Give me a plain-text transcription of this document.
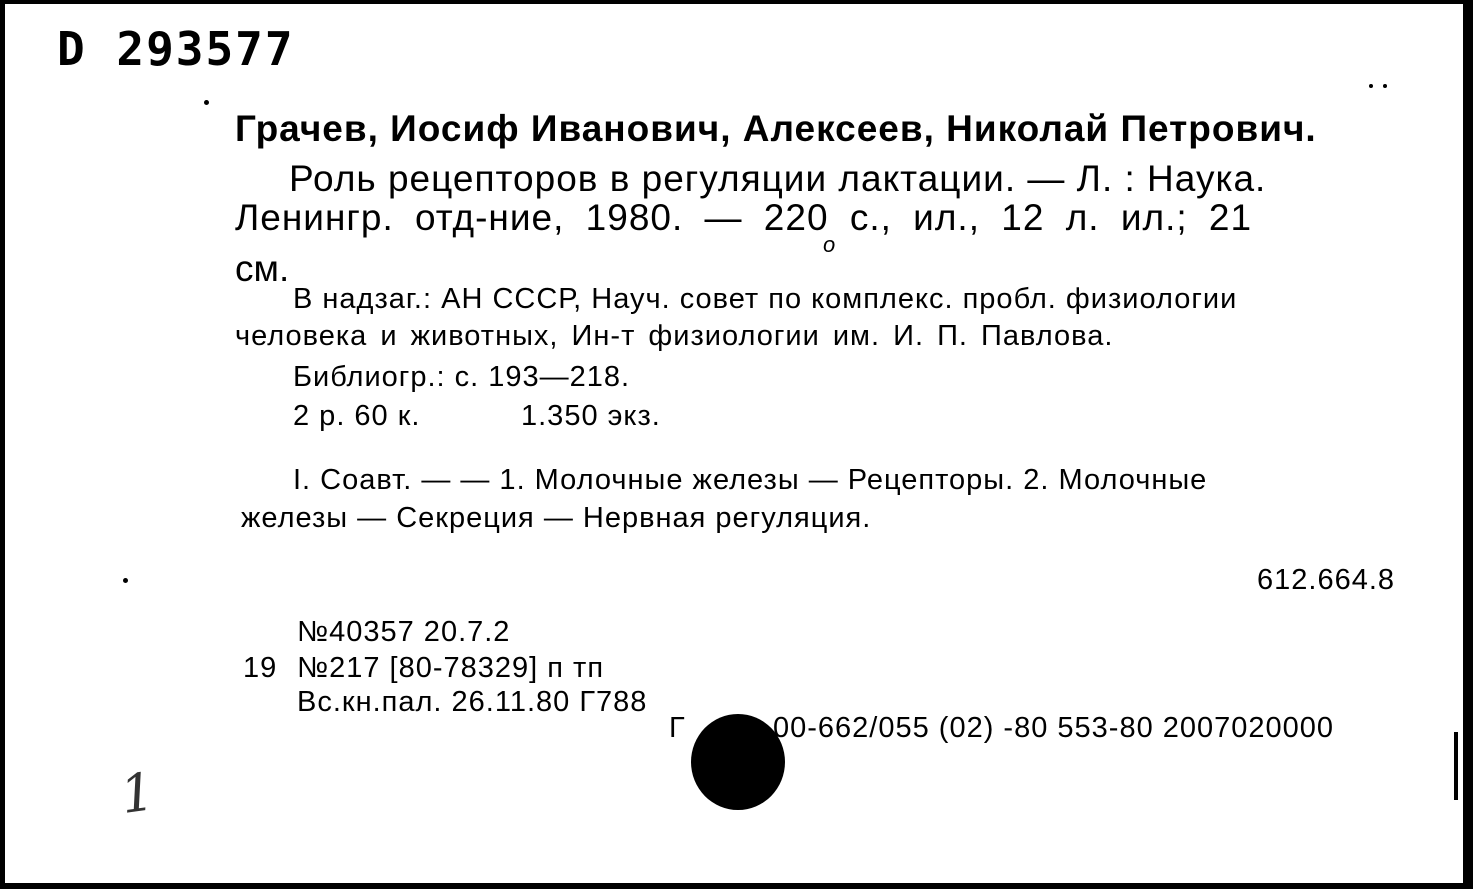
D 293577
Грачев, Иосиф Иванович, Алексеев, Николай Петрович.
Роль рецепторов в регуляции лактации. — Л. : Наука.
Ленингр. отд-ние, 1980. — 220 с., ил., 12 л. ил.; 21
о
см.
В надзаг.: АН СССР, Науч. совет по комплекс. пробл. физиологии
человека и животных, Ин-т физиологии им. И. П. Павлова.
Библиогр.: с. 193—218.
2 р. 60 к.	1.350 экз.
I. Соавт. — — 1. Молочные железы — Рецепторы. 2. Молочные
железы — Секреция — Нервная регуляция.
612.664.8
№40357 20.7.2
19 №217 [80-78329] п тп
Вс.кн.пал. 26.11.80 Г788
Г	00-662/055 (02) -80 553-80 2007020000
1
